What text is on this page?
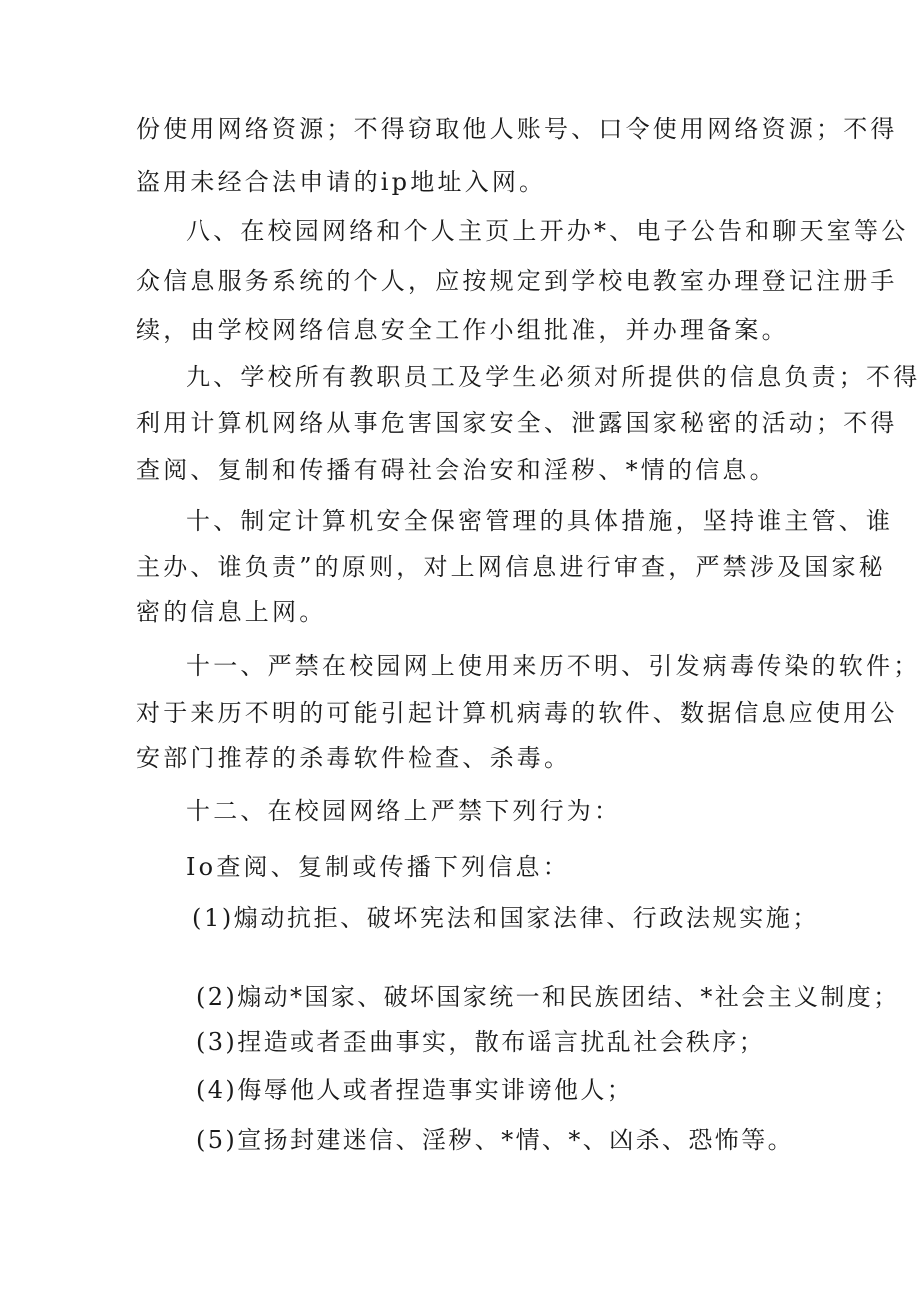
份使用网络资源；不得窃取他人账号、口令使用网络资源；不得
盗用未经合法申请的ip地址入网。
八、在校园网络和个人主页上开办*、电子公告和聊天室等公
众信息服务系统的个人，应按规定到学校电教室办理登记注册手
续，由学校网络信息安全工作小组批准，并办理备案。
九、学校所有教职员工及学生必须对所提供的信息负责；不得
利用计算机网络从事危害国家安全、泄露国家秘密的活动；不得
查阅、复制和传播有碍社会治安和淫秽、*情的信息。
十、制定计算机安全保密管理的具体措施，坚持谁主管、谁
主办、谁负责”的原则，对上网信息进行审查，严禁涉及国家秘
密的信息上网。
十一、严禁在校园网上使用来历不明、引发病毒传染的软件；
对于来历不明的可能引起计算机病毒的软件、数据信息应使用公
安部门推荐的杀毒软件检查、杀毒。
十二、在校园网络上严禁下列行为：
Io查阅、复制或传播下列信息：
(1)煽动抗拒、破坏宪法和国家法律、行政法规实施；
(2)煽动*国家、破坏国家统一和民族团结、*社会主义制度；
(3)捏造或者歪曲事实，散布谣言扰乱社会秩序；
(4)侮辱他人或者捏造事实诽谤他人；
(5)宣扬封建迷信、淫秽、*情、*、凶杀、恐怖等。
